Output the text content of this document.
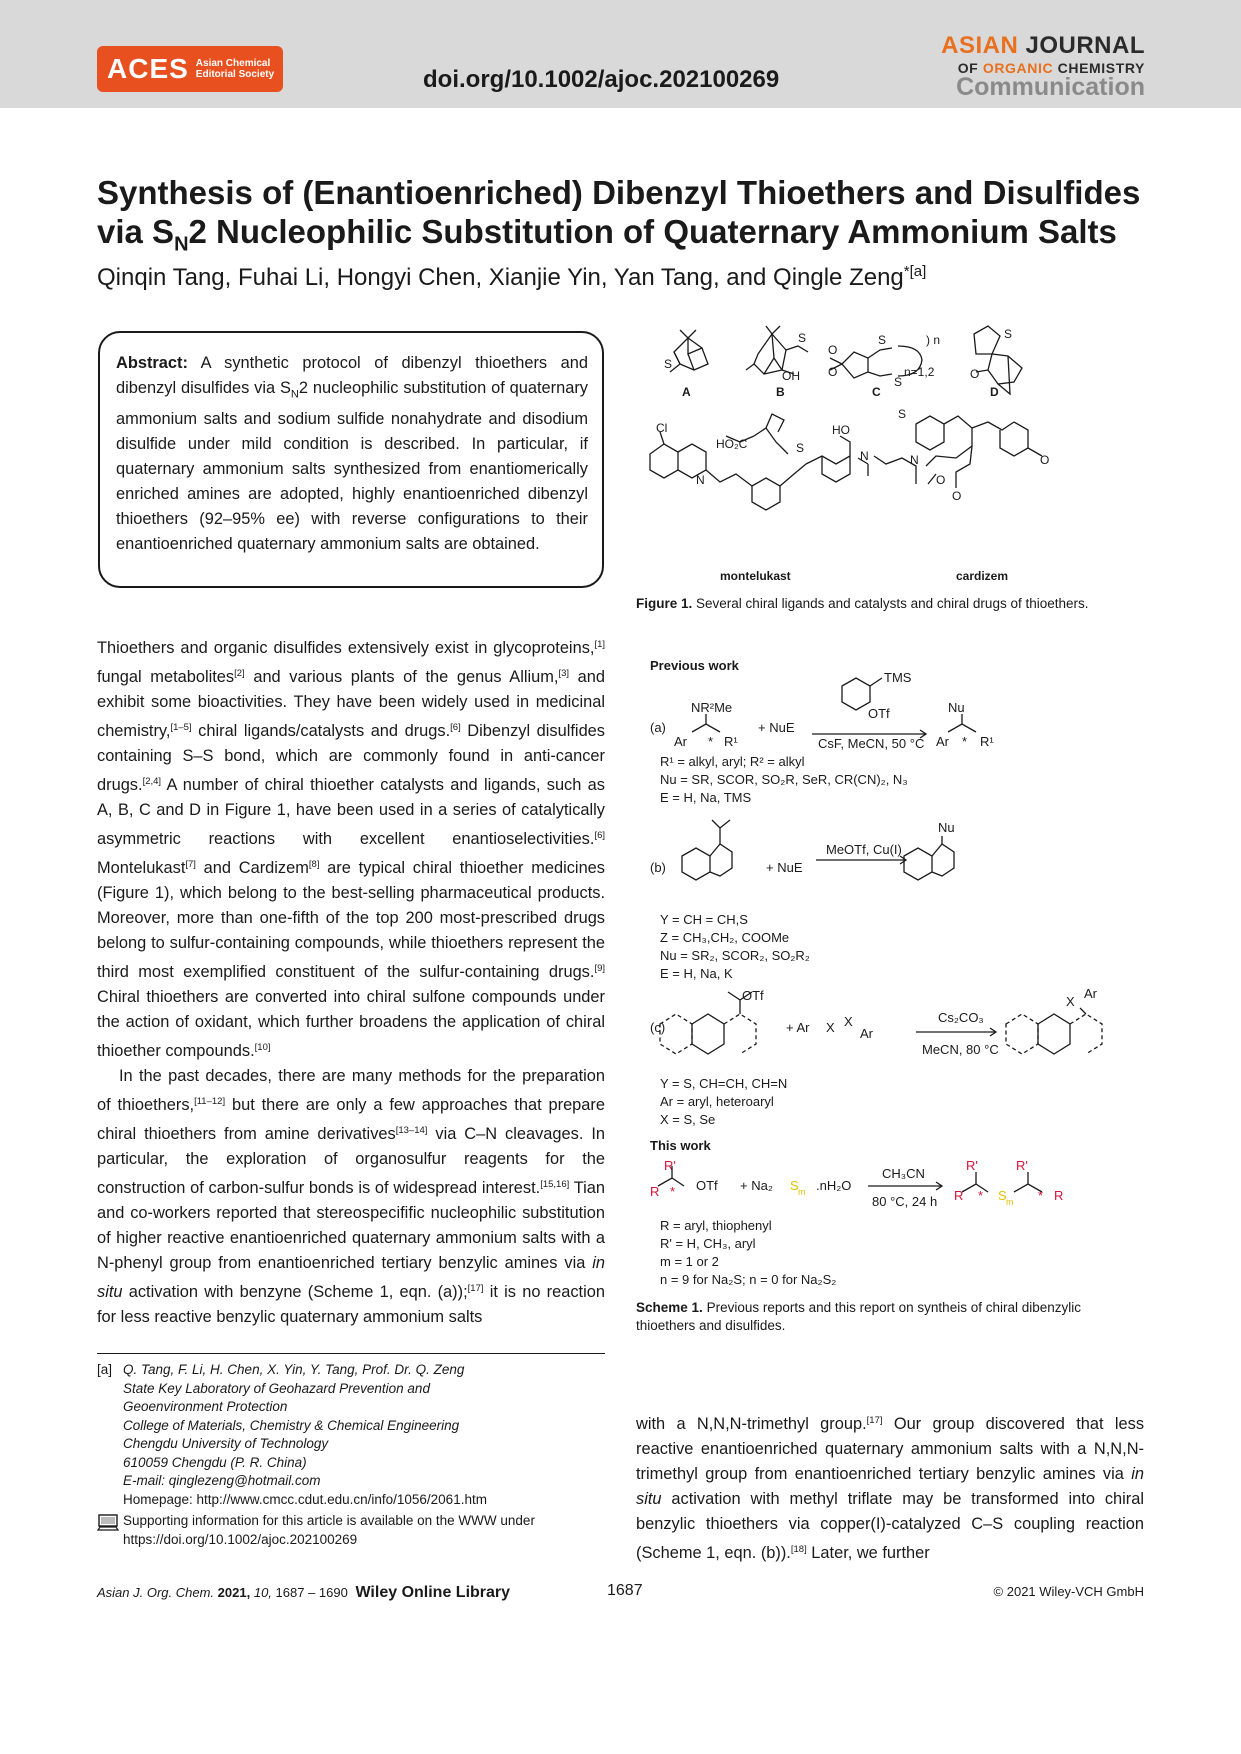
ACES Asian Chemical Editorial Society	doi.org/10.1002/ajoc.202100269
ASIAN JOURNAL
OF ORGANIC CHEMISTRY
Communication
Synthesis of (Enantioenriched) Dibenzyl Thioethers and Disulfides
via $S_N2$ Nucleophilic Substitution of Quaternary Ammonium Salts
Qinqin Tang, Fuhai Li, Hongyi Chen, Xianjie Yin, Yan Tang, and Qingle Zeng$^{*[a]}$
Abstract: A synthetic protocol of dibenzyl thioethers and dibenzyl disulfides via $S_N2$ nucleophilic substitution of quaternary ammonium salts and sodium sulfide nonahydrate and disodium disulfide under mild condition is described. In particular, if quaternary ammonium salts synthesized from enantiomerically enriched amines are adopted, highly enantioenriched dibenzyl thioethers (92–95% ee) with reverse configurations to their enantioenriched quaternary ammonium salts are obtained.
S
S
OH
S
S
O
O
) n	S
O
Cl
N
HO₂C	S
HO
S
N
N
O
O
O
A	B	C	D
montelukast	cardizem
n=1,2
Figure 1. Several chiral ligands and catalysts and chiral drugs of thioethers.
Previous work
(a)
NR²Me
Ar * R¹
+ NuE
TMS
OTf
CsF, MeCN, 50 °C
Nu
Ar * R¹
R¹ = alkyl, aryl; R² = alkyl
Nu = SR, SCOR, SO₂R, SeR, CR(CN)₂, N₃
E = H, Na, TMS
(b)	+ NuE
MeOTf, Cu(I)
Y = CH = CH,S
Z = CH₃,CH₂, COOMe
Nu = SR₂, SCOR₂, SO₂R₂
E = H, Na, K
Nu
(c)
OTf
+ Ar X X
Ar
Cs₂CO₃
MeCN, 80 °C
Ar
X
Y = S, CH=CH, CH=N
Ar = aryl, heteroaryl
X = S, Se
This work
OTf + Na₂	.nH₂O
CH₃CN
80 °C, 24 h
R = aryl, thiophenyl
R' = H, CH₃, aryl
m = 1 or 2
n = 9 for Na₂S; n = 0 for Na₂S₂
R'
R
R'	R'
R	R
*	*	*
S m	S m
Scheme 1. Previous reports and this report on syntheis of chiral dibenzylic thioethers and disulfides.

Thioethers and organic disulfides extensively exist in glycoproteins,[1] fungal metabolites[2] and various plants of the genus Allium,[3] and exhibit some bioactivities. They have been widely used in medicinal chemistry,[1–5] chiral ligands/catalysts and drugs.[6] Dibenzyl disulfides containing S–S bond, which are commonly found in anti-cancer drugs.[2,4] A number of chiral thioether catalysts and ligands, such as A, B, C and D in Figure 1, have been used in a series of catalytically asymmetric reactions with excellent enantioselectivities.[6] Montelukast[7] and Cardizem[8] are typical chiral thioether medicines (Figure 1), which belong to the best-selling pharmaceutical products. Moreover, more than one-fifth of the top 200 most-prescribed drugs belong to sulfur-containing compounds, while thioethers represent the third most exemplified constituent of the sulfur-containing drugs.[9] Chiral thioethers are converted into chiral sulfone compounds under the action of oxidant, which further broadens the application of chiral thioether compounds.[10]

In the past decades, there are many methods for the preparation of thioethers,[11–12] but there are only a few approaches that prepare chiral thioethers from amine derivatives[13–14] via C–N cleavages. In particular, the exploration of organosulfur reagents for the construction of carbon-sulfur bonds is of widespread interest.[15,16] Tian and co-workers reported that stereospecifific nucleophilic substitution of higher reactive enantioenriched quaternary ammonium salts with a N-phenyl group from enantioenriched tertiary benzylic amines via in situ activation with benzyne (Scheme 1, eqn. (a));[17] it is no reaction for less reactive benzylic quaternary ammonium salts

with a N,N,N-trimethyl group.[17] Our group discovered that less reactive enantioenriched quaternary ammonium salts with a N,N,N-trimethyl group from enantioenriched tertiary benzylic amines via in situ activation with methyl triflate may be transformed into chiral benzylic thioethers via copper(I)-catalyzed C–S coupling reaction (Scheme 1, eqn. (b)).[18] Later, we further

[a] Q. Tang, F. Li, H. Chen, X. Yin, Y. Tang, Prof. Dr. Q. Zeng
State Key Laboratory of Geohazard Prevention and
Geoenvironment Protection
College of Materials, Chemistry & Chemical Engineering
Chengdu University of Technology
610059 Chengdu (P. R. China)
E-mail: qinglezeng@hotmail.com
Homepage: http://www.cmcc.cdut.edu.cn/info/1056/2061.htm
Supporting information for this article is available on the WWW under https://doi.org/10.1002/ajoc.202100269
Asian J. Org. Chem. 2021, 10, 1687 – 1690 Wiley Online Library	1687	© 2021 Wiley-VCH GmbH
